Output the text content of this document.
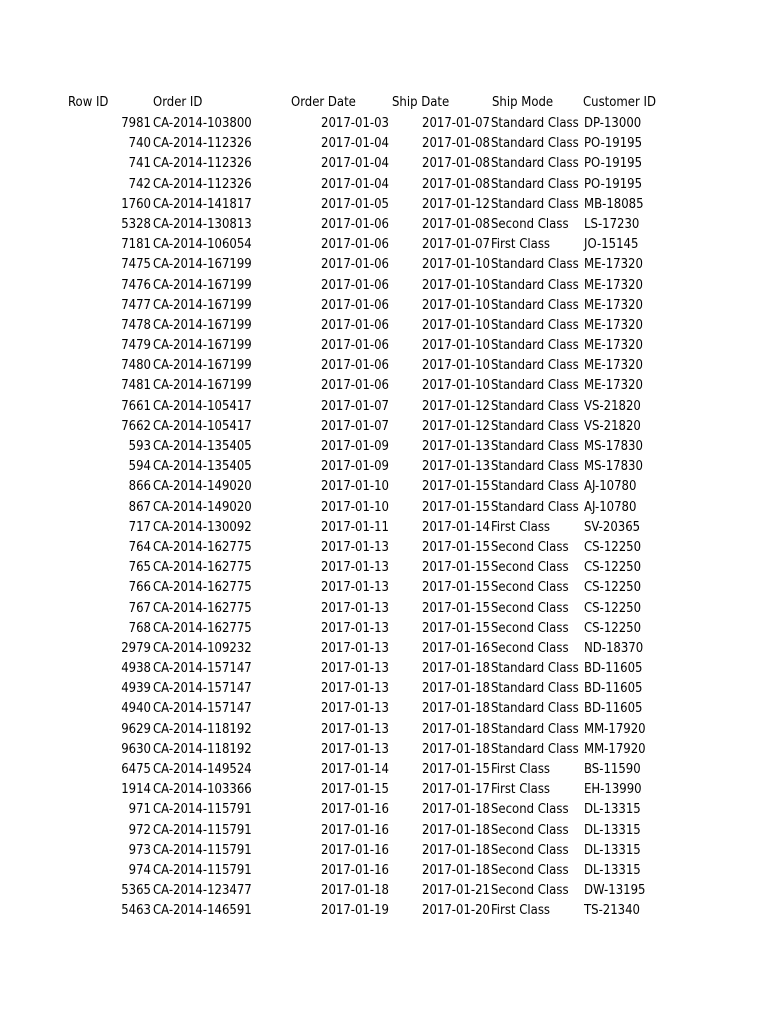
Row ID	Order ID	Order Date	Ship Date	Ship Mode Customer ID
7981 CA-2014-103800	2017-01-03	2017-01-07 Standard Class DP-13000
740 CA-2014-112326	2017-01-04	2017-01-08 Standard Class PO-19195
741 CA-2014-112326	2017-01-04	2017-01-08 Standard Class PO-19195
742 CA-2014-112326	2017-01-04	2017-01-08 Standard Class PO-19195
1760 CA-2014-141817	2017-01-05	2017-01-12 Standard Class MB-18085
5328 CA-2014-130813	2017-01-06	2017-01-08 Second Class LS-17230
7181 CA-2014-106054	2017-01-06	2017-01-07 First Class	JO-15145
7475 CA-2014-167199	2017-01-06	2017-01-10 Standard Class ME-17320
7476 CA-2014-167199	2017-01-06	2017-01-10 Standard Class ME-17320
7477 CA-2014-167199	2017-01-06	2017-01-10 Standard Class ME-17320
7478 CA-2014-167199	2017-01-06	2017-01-10 Standard Class ME-17320
7479 CA-2014-167199	2017-01-06	2017-01-10 Standard Class ME-17320
7480 CA-2014-167199	2017-01-06	2017-01-10 Standard Class ME-17320
7481 CA-2014-167199	2017-01-06	2017-01-10 Standard Class ME-17320
7661 CA-2014-105417	2017-01-07	2017-01-12 Standard Class VS-21820
7662 CA-2014-105417	2017-01-07	2017-01-12 Standard Class VS-21820
593 CA-2014-135405	2017-01-09	2017-01-13 Standard Class MS-17830
594 CA-2014-135405	2017-01-09	2017-01-13 Standard Class MS-17830
866 CA-2014-149020	2017-01-10	2017-01-15 Standard Class AJ-10780
867 CA-2014-149020	2017-01-10	2017-01-15 Standard Class AJ-10780
717 CA-2014-130092	2017-01-11	2017-01-14 First Class	SV-20365
764 CA-2014-162775	2017-01-13	2017-01-15 Second Class CS-12250
765 CA-2014-162775	2017-01-13	2017-01-15 Second Class CS-12250
766 CA-2014-162775	2017-01-13	2017-01-15 Second Class CS-12250
767 CA-2014-162775	2017-01-13	2017-01-15 Second Class CS-12250
768 CA-2014-162775	2017-01-13	2017-01-15 Second Class CS-12250
2979 CA-2014-109232	2017-01-13	2017-01-16 Second Class ND-18370
4938 CA-2014-157147	2017-01-13	2017-01-18 Standard Class BD-11605
4939 CA-2014-157147	2017-01-13	2017-01-18 Standard Class BD-11605
4940 CA-2014-157147	2017-01-13	2017-01-18 Standard Class BD-11605
9629 CA-2014-118192	2017-01-13	2017-01-18 Standard Class MM-17920
9630 CA-2014-118192	2017-01-13	2017-01-18 Standard Class MM-17920
6475 CA-2014-149524	2017-01-14	2017-01-15 First Class	BS-11590
1914 CA-2014-103366	2017-01-15	2017-01-17 First Class	EH-13990
971 CA-2014-115791	2017-01-16	2017-01-18 Second Class DL-13315
972 CA-2014-115791	2017-01-16	2017-01-18 Second Class DL-13315
973 CA-2014-115791	2017-01-16	2017-01-18 Second Class DL-13315
974 CA-2014-115791	2017-01-16	2017-01-18 Second Class DL-13315
5365 CA-2014-123477	2017-01-18	2017-01-21 Second Class DW-13195
5463 CA-2014-146591	2017-01-19	2017-01-20 First Class	TS-21340
